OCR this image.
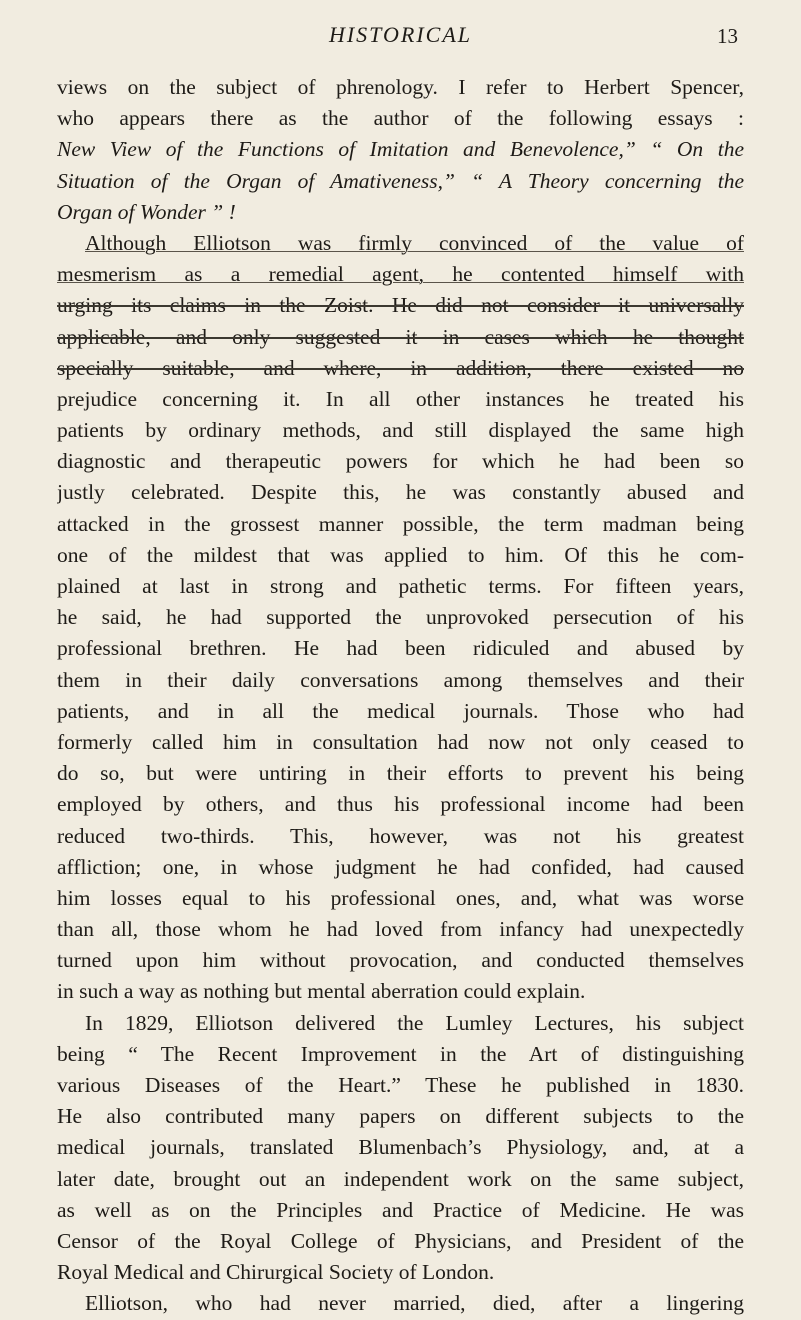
HISTORICAL	13
views on the subject of phrenology. I refer to Herbert Spencer,
who appears there as the author of the following essays :
New View of the Functions of Imitation and Benevolence,” “ On the
Situation of the Organ of Amativeness,” “ A Theory concerning the
Organ of Wonder ” !
Although Elliotson was firmly convinced of the value of
mesmerism as a remedial agent, he contented himself with
urging its claims in the Zoist. He did not consider it universally
applicable, and only suggested it in cases which he thought
specially suitable, and where, in addition, there existed no
prejudice concerning it. In all other instances he treated his
patients by ordinary methods, and still displayed the same high
diagnostic and therapeutic powers for which he had been so
justly celebrated. Despite this, he was constantly abused and
attacked in the grossest manner possible, the term madman being
one of the mildest that was applied to him. Of this he com-
plained at last in strong and pathetic terms. For fifteen years,
he said, he had supported the unprovoked persecution of his
professional brethren. He had been ridiculed and abused by
them in their daily conversations among themselves and their
patients, and in all the medical journals. Those who had
formerly called him in consultation had now not only ceased to
do so, but were untiring in their efforts to prevent his being
employed by others, and thus his professional income had been
reduced two-thirds. This, however, was not his greatest
affliction; one, in whose judgment he had confided, had caused
him losses equal to his professional ones, and, what was worse
than all, those whom he had loved from infancy had unexpectedly
turned upon him without provocation, and conducted themselves
in such a way as nothing but mental aberration could explain.
In 1829, Elliotson delivered the Lumley Lectures, his subject
being “ The Recent Improvement in the Art of distinguishing
various Diseases of the Heart.” These he published in 1830.
He also contributed many papers on different subjects to the
medical journals, translated Blumenbach’s Physiology, and, at a
later date, brought out an independent work on the same subject,
as well as on the Principles and Practice of Medicine. He was
Censor of the Royal College of Physicians, and President of the
Royal Medical and Chirurgical Society of London.
Elliotson, who had never married, died, after a lingering
